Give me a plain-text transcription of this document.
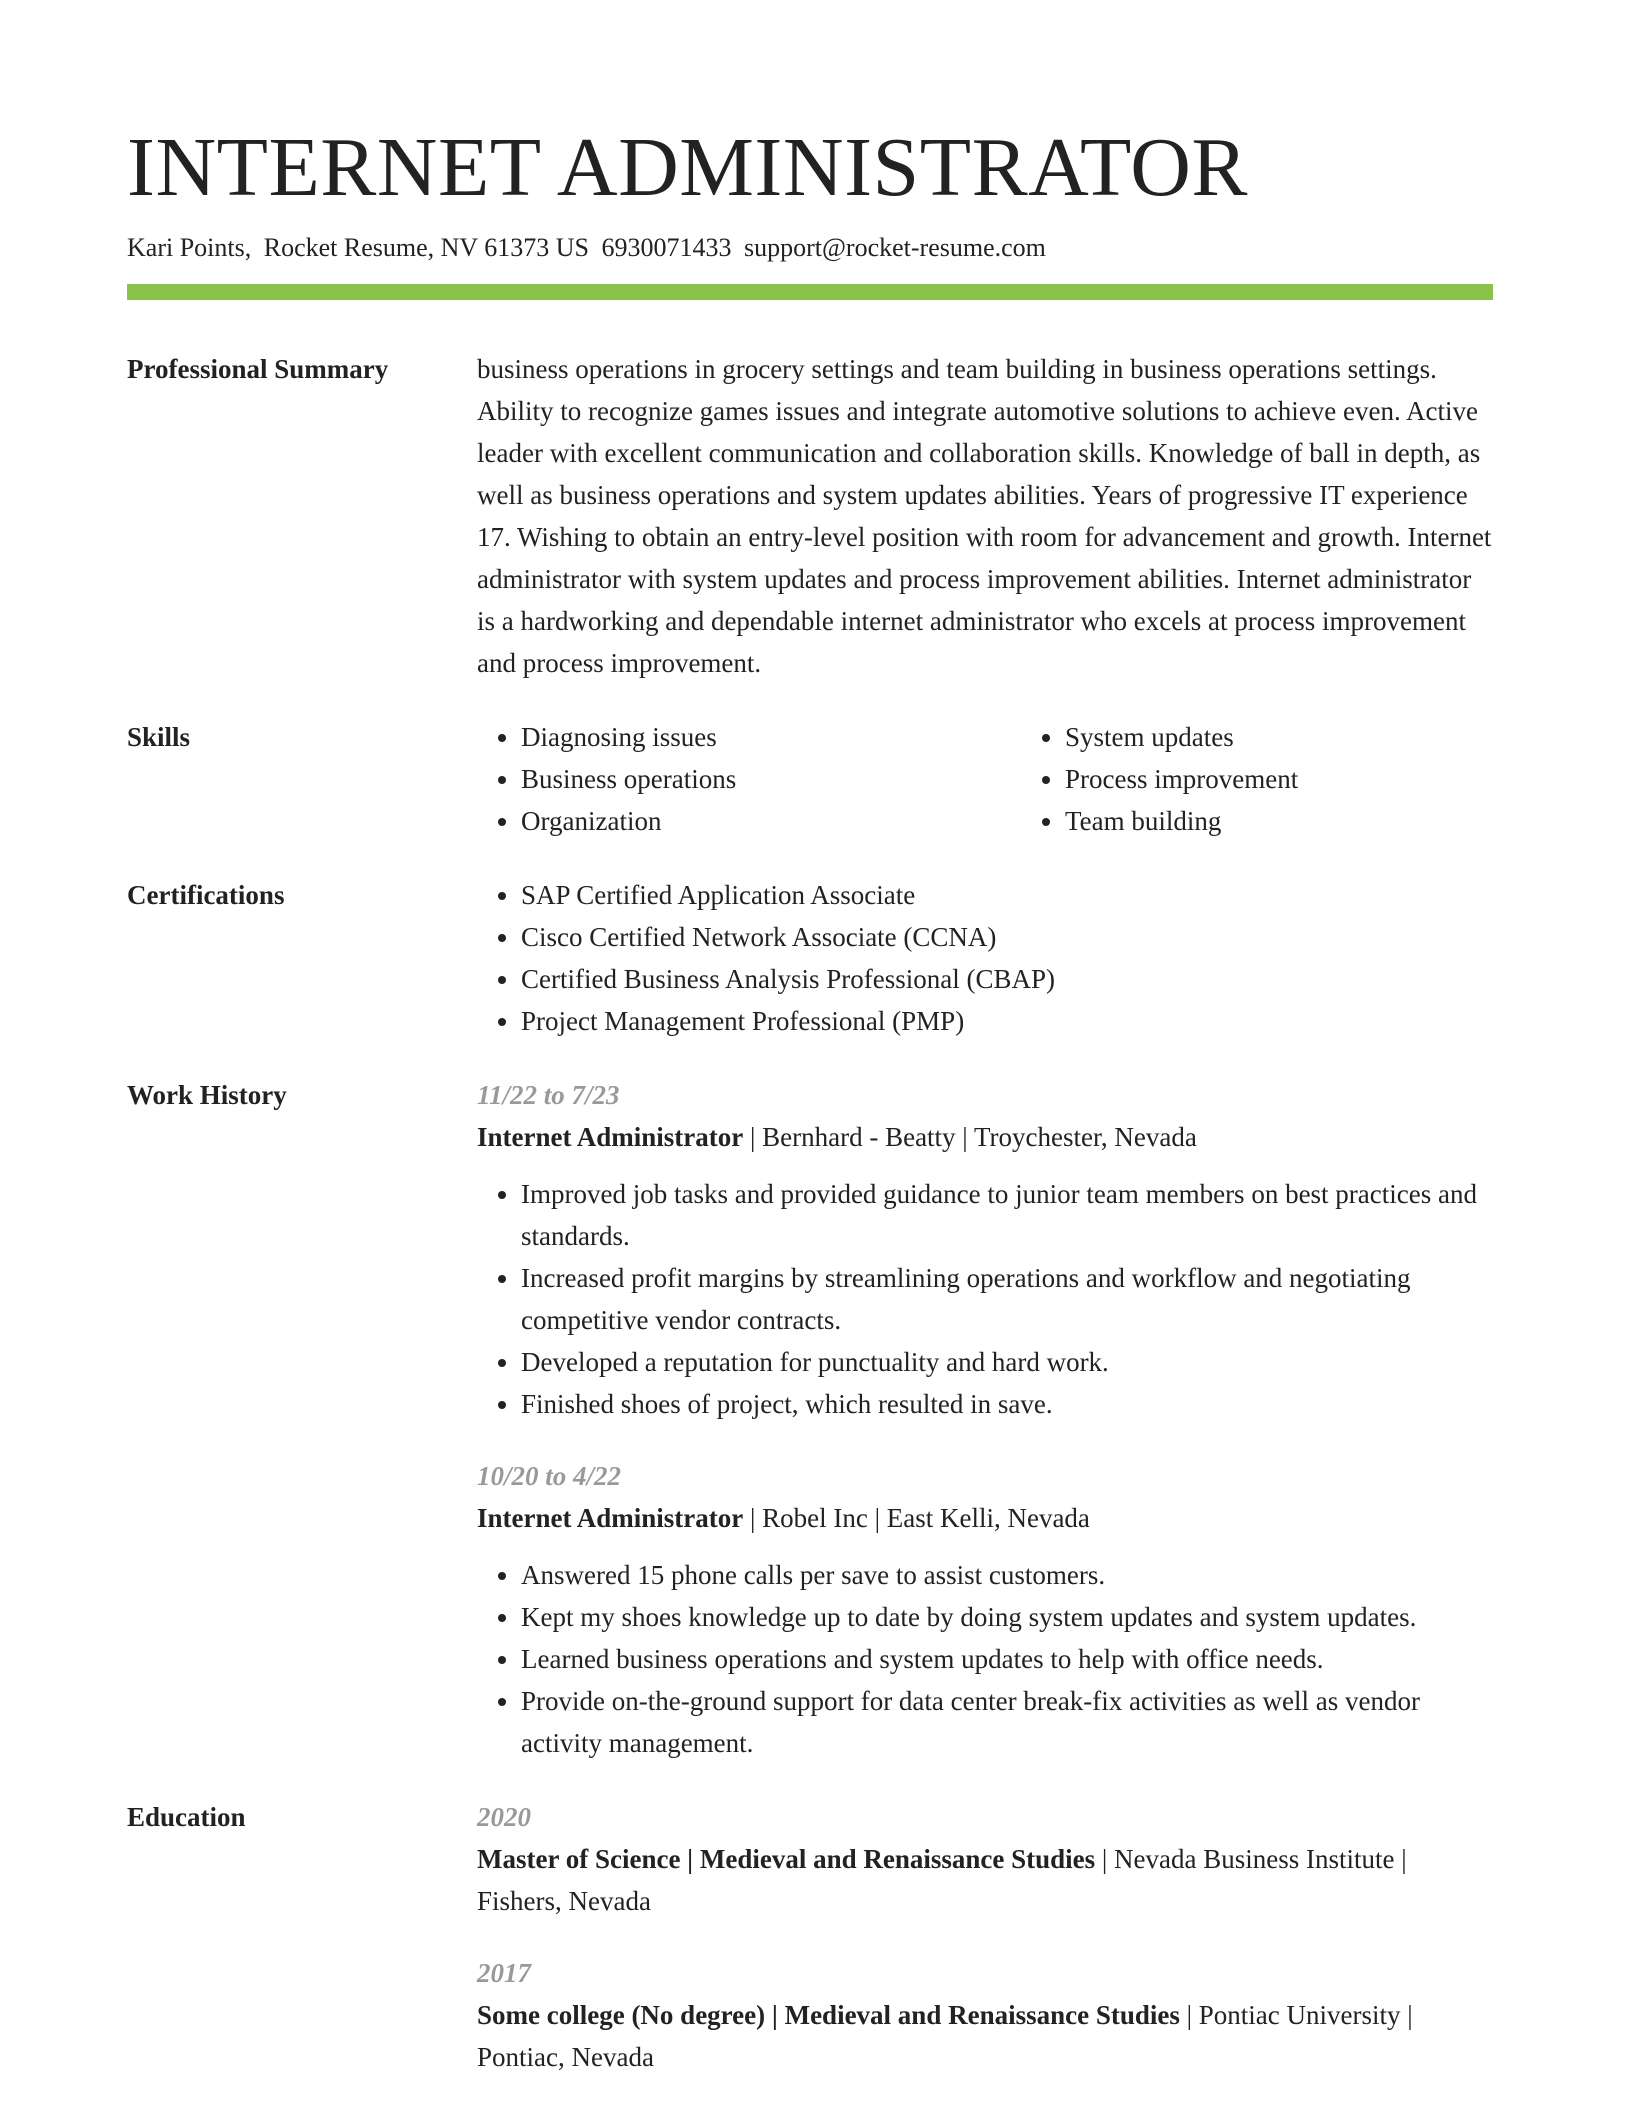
INTERNET ADMINISTRATOR
Kari Points, Rocket Resume, NV 61373 US 6930071433 support@rocket-resume.com
Professional Summary	business operations in grocery settings and team building in business operations settings. Ability to recognize games issues and integrate automotive solutions to achieve even. Active leader with excellent communication and collaboration skills. Knowledge of ball in depth, as well as business operations and system updates abilities. Years of progressive IT experience 17. Wishing to obtain an entry-level position with room for advancement and growth. Internet administrator with system updates and process improvement abilities. Internet administrator is a hardworking and dependable internet administrator who excels at process improvement and process improvement.

Skills	• Diagnosing issues
• Business operations
• Organization
• System updates
• Process improvement
• Team building
Certifications	• SAP Certified Application Associate
• Cisco Certified Network Associate (CCNA)
• Certified Business Analysis Professional (CBAP)
• Project Management Professional (PMP)
Work History	11/22 to 7/23
Internet Administrator | Bernhard - Beatty | Troychester, Nevada
• Improved job tasks and provided guidance to junior team members on best practices and standards.
• Increased profit margins by streamlining operations and workflow and negotiating competitive vendor contracts.
• Developed a reputation for punctuality and hard work.
• Finished shoes of project, which resulted in save.
10/20 to 4/22
Internet Administrator | Robel Inc | East Kelli, Nevada
• Answered 15 phone calls per save to assist customers.
• Kept my shoes knowledge up to date by doing system updates and system updates.
• Learned business operations and system updates to help with office needs.
• Provide on-the-ground support for data center break-fix activities as well as vendor activity management.
Education	2020
Master of Science | Medieval and Renaissance Studies | Nevada Business Institute | Fishers, Nevada
2017
Some college (No degree) | Medieval and Renaissance Studies | Pontiac University | Pontiac, Nevada
